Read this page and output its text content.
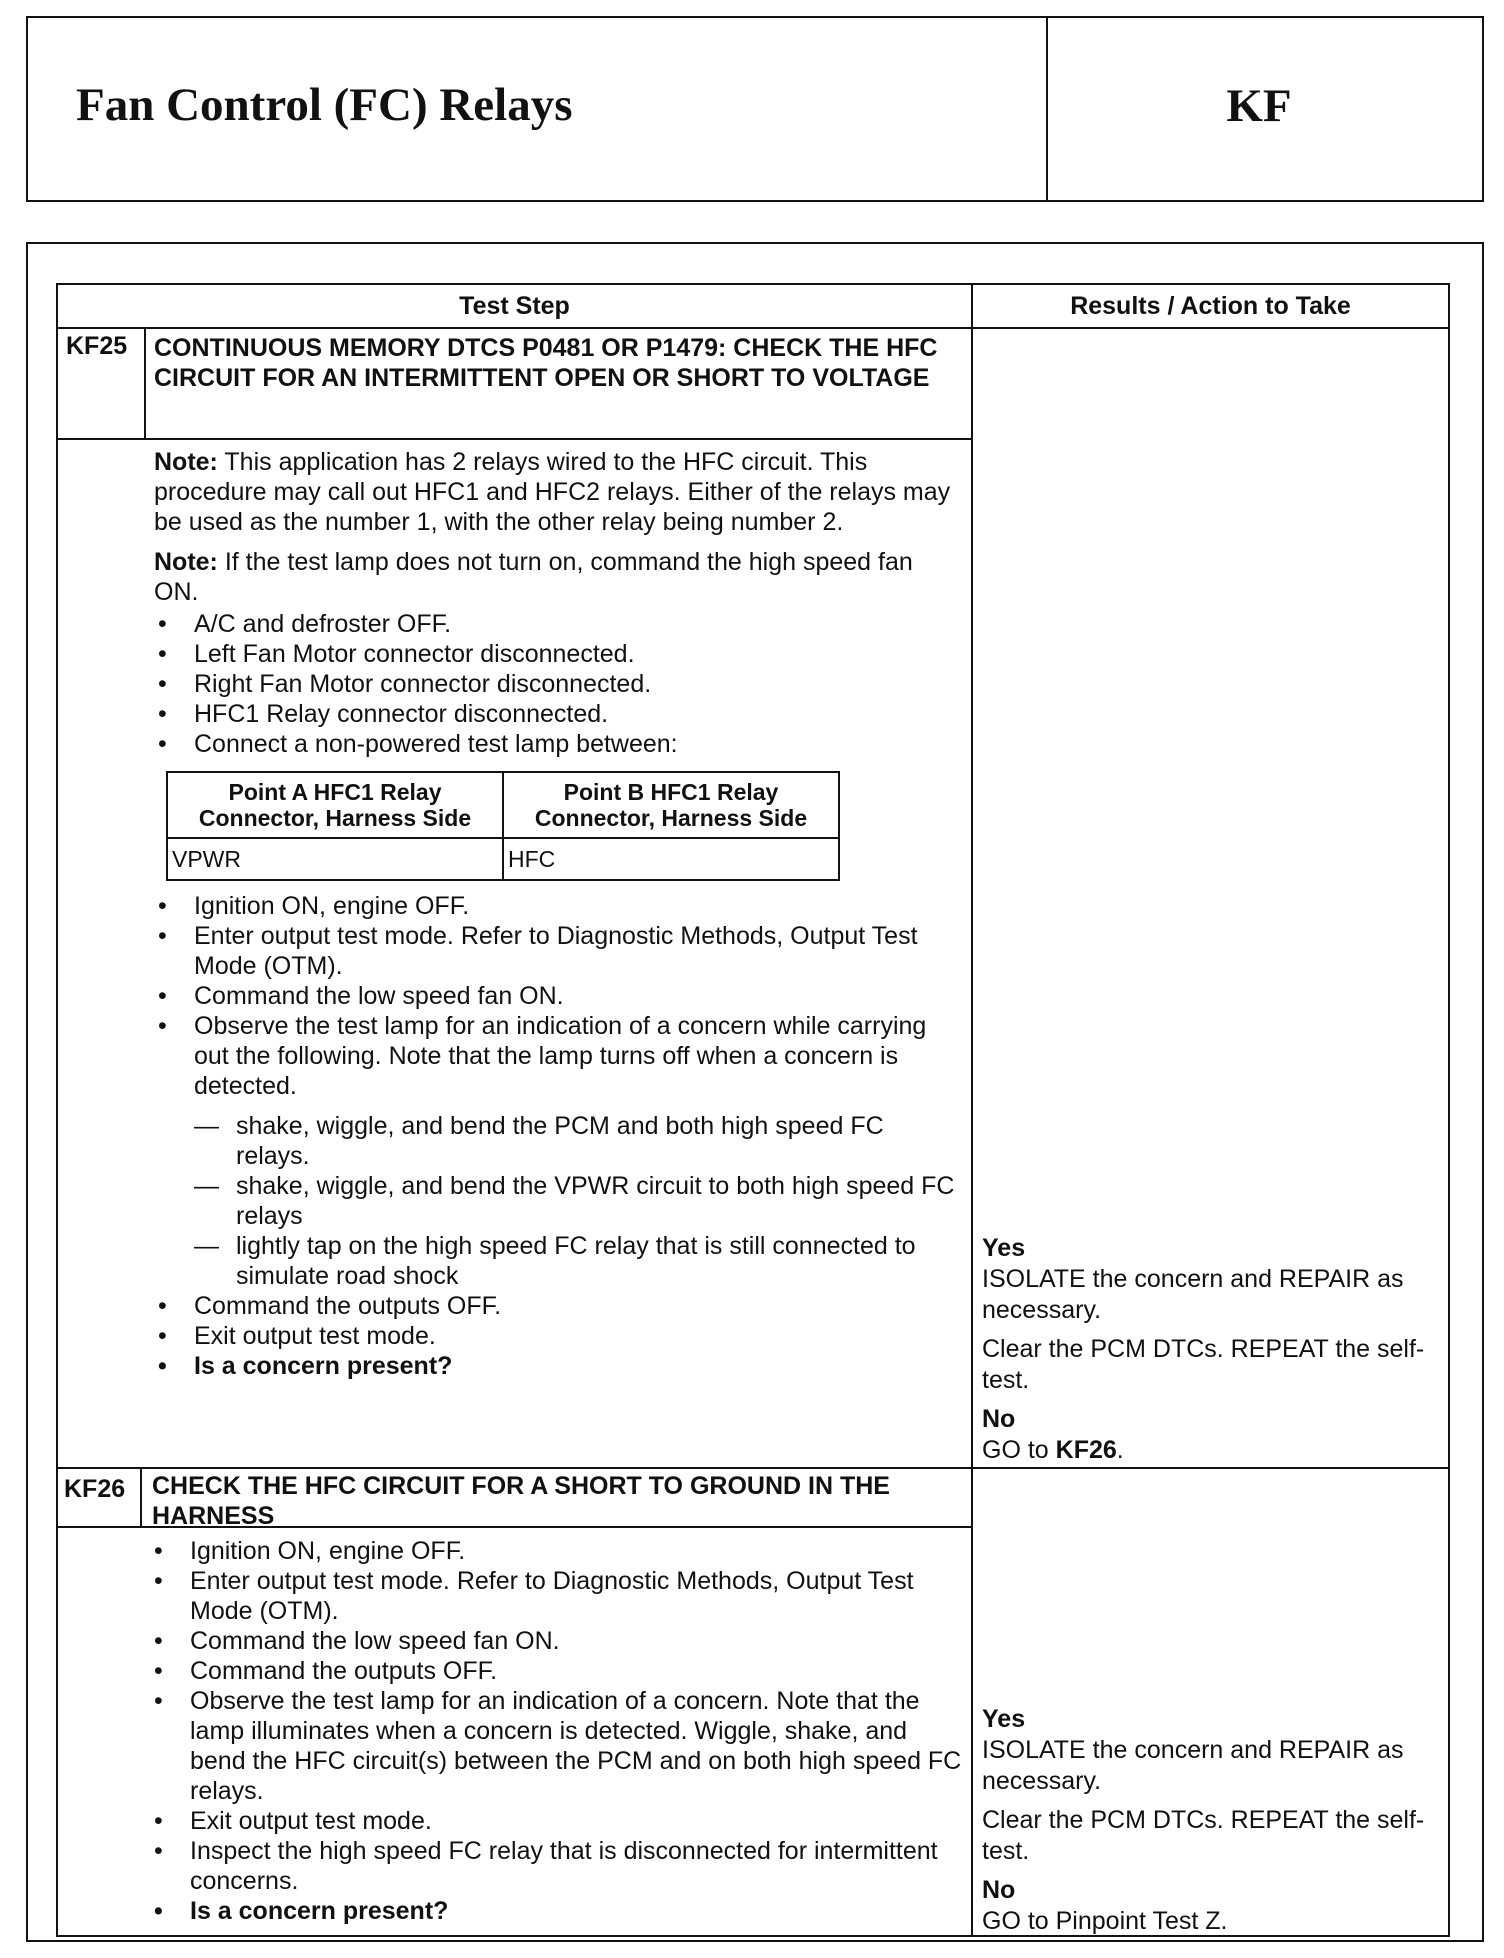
Fan Control (FC) Relays	KF
Test Step	Results / Action to Take
KF25 CONTINUOUS MEMORY DTCS P0481 OR P1479: CHECK THE HFC CIRCUIT FOR AN INTERMITTENT OPEN OR SHORT TO VOLTAGE

Note: This application has 2 relays wired to the HFC circuit. This procedure may call out HFC1 and HFC2 relays. Either of the relays may be used as the number 1, with the other relay being number 2.

Note: If the test lamp does not turn on, command the high speed fan ON.

• A/C and defroster OFF.
• Left Fan Motor connector disconnected.
• Right Fan Motor connector disconnected.
• HFC1 Relay connector disconnected.
• Connect a non-powered test lamp between:
Point A HFC1 Relay Connector, Harness Side	Point B HFC1 Relay Connector, Harness Side
VPWR	HFC
• Ignition ON, engine OFF.
• Enter output test mode. Refer to Diagnostic Methods, Output Test Mode (OTM).
• Command the low speed fan ON.
• Observe the test lamp for an indication of a concern while carrying out the following. Note that the lamp turns off when a concern is detected.
— shake, wiggle, and bend the PCM and both high speed FC relays.
— shake, wiggle, and bend the VPWR circuit to both high speed FC relays
— lightly tap on the high speed FC relay that is still connected to simulate road shock
• Command the outputs OFF.
• Exit output test mode.
• Is a concern present?

Yes

ISOLATE the concern and REPAIR as necessary.

Clear the PCM DTCs. REPEAT the self-test.

No

GO to KF26.

KF26 CHECK THE HFC CIRCUIT FOR A SHORT TO GROUND IN THE HARNESS
• Ignition ON, engine OFF.
• Enter output test mode. Refer to Diagnostic Methods, Output Test Mode (OTM).
• Command the low speed fan ON.
• Command the outputs OFF.
• Observe the test lamp for an indication of a concern. Note that the lamp illuminates when a concern is detected. Wiggle, shake, and bend the HFC circuit(s) between the PCM and on both high speed FC relays.
• Exit output test mode.
• Inspect the high speed FC relay that is disconnected for intermittent concerns.
• Is a concern present?

Yes

ISOLATE the concern and REPAIR as necessary.

Clear the PCM DTCs. REPEAT the self-test.

No

GO to Pinpoint Test Z.
